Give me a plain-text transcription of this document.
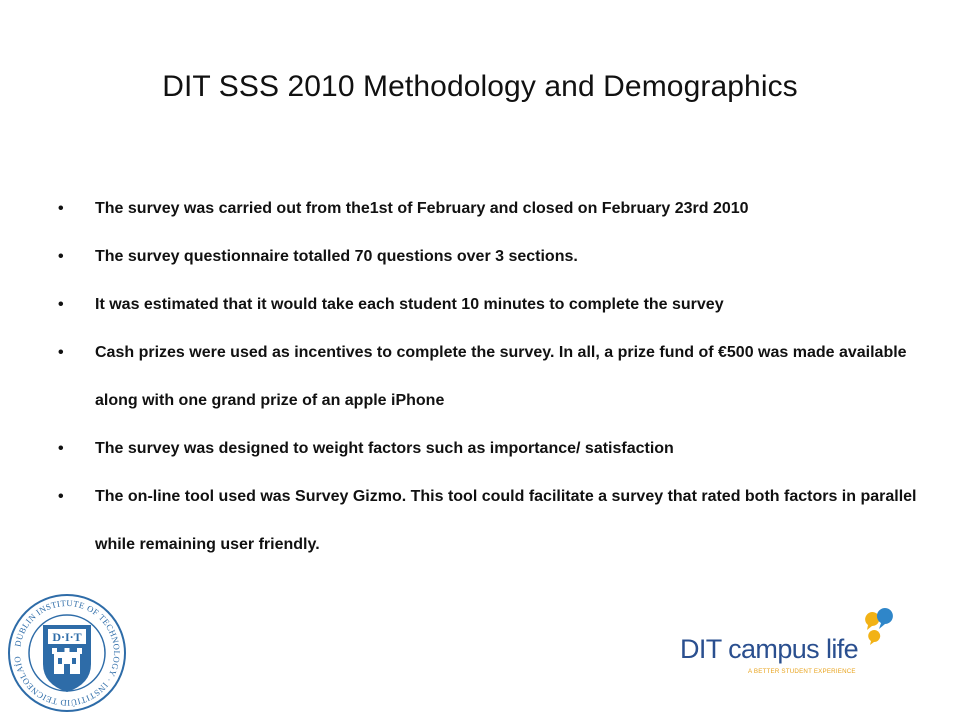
DIT SSS 2010 Methodology and Demographics
• The survey was carried out from the1st of February and closed on February 23rd 2010
• The survey questionnaire totalled 70 questions over 3 sections.
• It was estimated that it would take each student 10 minutes to complete the survey
• Cash prizes were used as incentives to complete the survey. In all, a prize fund of €500 was made available along with one grand prize of an apple iPhone
• The survey was designed to weight factors such as importance/ satisfaction
• The on-line tool used was Survey Gizmo. This tool could facilitate a survey that rated both factors in parallel while remaining user friendly.
DUBLIN INSTITUTE OF TECHNOLOGY · INSTITIÚID TEICNEOLAÍO
D·I·T	DIT campus life
A BETTER STUDENT EXPERIENCE
